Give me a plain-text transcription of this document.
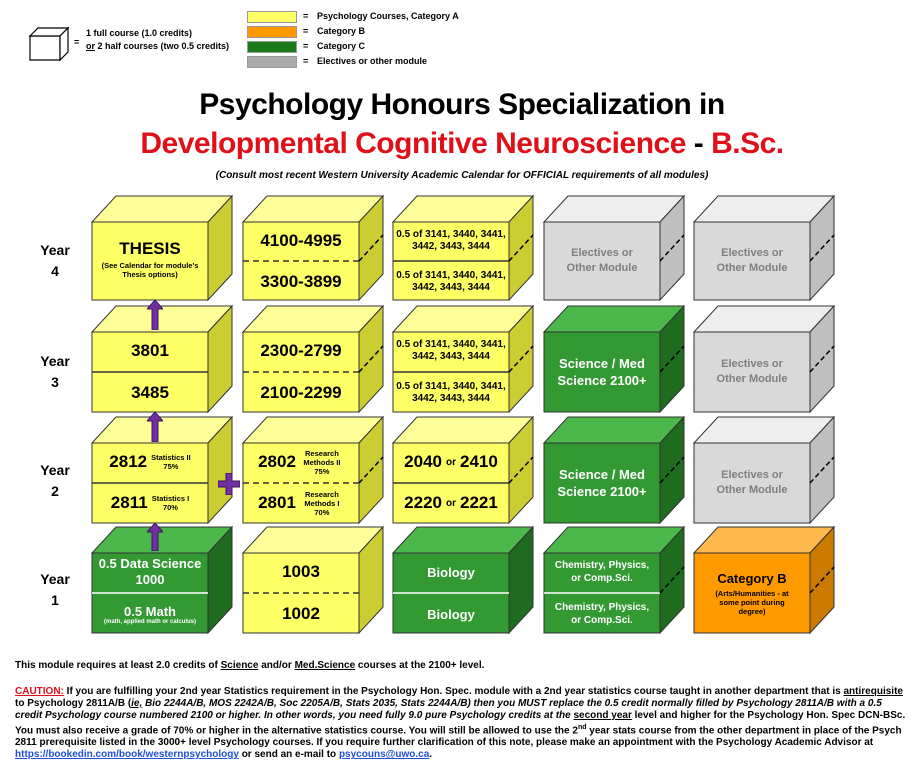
=
1 full course (1.0 credits)
or 2 half courses (two 0.5 credits)
=
=
=
=
Psychology Courses, Category A
Category B
Category C
Electives or other module
Psychology Honours Specialization in
Developmental Cognitive Neuroscience - B.Sc.
(Consult most recent Western University Academic Calendar for OFFICIAL requirements of all modules)
Year
4
Year
3
Year
2
Year
1
THESIS
(See Calendar for module's Thesis options)
4100-4995
3300-3899
0.5 of 3141, 3440, 3441, 3442, 3443, 3444
0.5 of 3141, 3440, 3441, 3442, 3443, 3444
Electives or Other Module
Electives or Other Module
3801
3485
2300-2799
2100-2299
0.5 of 3141, 3440, 3441, 3442, 3443, 3444
0.5 of 3141, 3440, 3441, 3442, 3443, 3444
Science / Med Science 2100+
Electives or Other Module
2812 Statistics II
75%
2811 Statistics I
70%
2802	Research Methods II
75%
2801	Research Methods I
70%
2040 or 2410
2220 or 2221
Science / Med Science 2100+
Electives or Other Module
0.5 Data Science 1000
0.5 Math
(math, applied math or calculus)
1003
1002
Biology
Biology
Chemistry, Physics, or Comp.Sci.
Chemistry, Physics, or Comp.Sci.
Category B
(Arts/Humanities - at some point during degree)
This module requires at least 2.0 credits of Science and/or Med.Science courses at the 2100+ level.
CAUTION: If you are fulfilling your 2nd year Statistics requirement in the Psychology Hon. Spec. module with a 2nd year statistics course taught in another department that is antirequisite to Psychology 2811A/B (ie, Bio 2244A/B, MOS 2242A/B, Soc 2205A/B, Stats 2035, Stats 2244A/B) then you MUST replace the 0.5 credit normally filled by Psychology 2811A/B with a 0.5 credit Psychology course numbered 2100 or higher. In other words, you need fully 9.0 pure Psychology credits at the second year level and higher for the Psychology Hon. Spec DCN-BSc. You must also receive a grade of 70% or higher in the alternative statistics course. You will still be allowed to use the 2nd year stats course from the other department in place of the Psych 2811 prerequisite listed in the 3000+ level Psychology courses. If you require further clarification of this note, please make an appointment with the Psychology Academic Advisor at https://bookedin.com/book/westernpsychology or send an e-mail to psycouns@uwo.ca.
